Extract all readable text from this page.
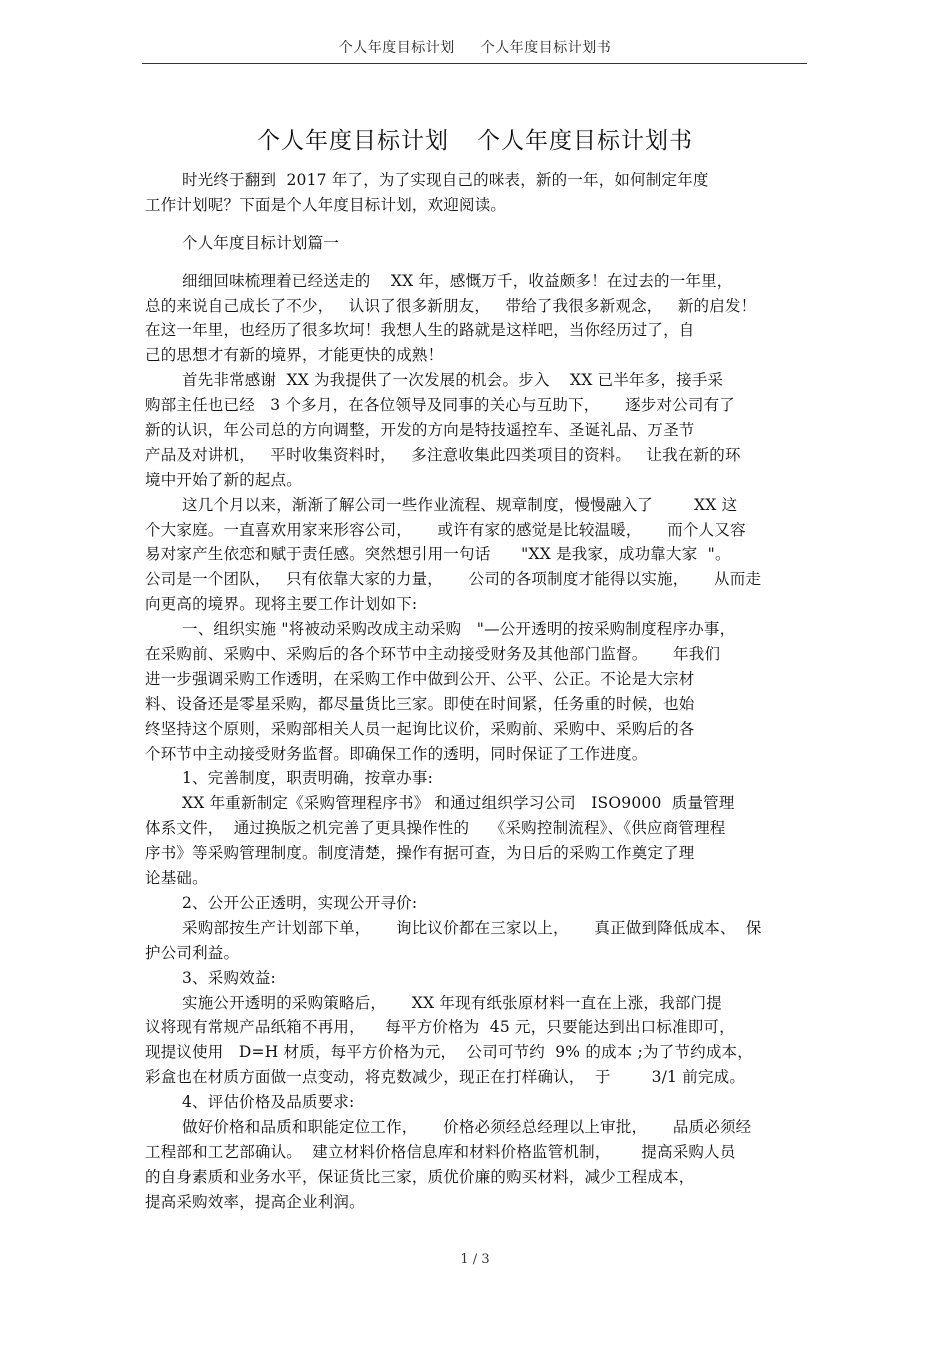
个人年度目标计划 个人年度目标计划书
个人年度目标计划 个人年度目标计划书
时光终于翻到  2017 年了，为了实现自己的咪表，新的一年，如何制定年度
工作计划呢？下面是个人年度目标计划，欢迎阅读。
个人年度目标计划篇一
细细回味梳理着已经送走的    XX 年，感慨万千，收益颇多！在过去的一年里，
总的来说自己成长了不少，   认识了很多新朋友，   带给了我很多新观念，   新的启发！
在这一年里，也经历了很多坎坷！我想人生的路就是这样吧，当你经历过了，自
己的思想才有新的境界，才能更快的成熟！
首先非常感谢  XX 为我提供了一次发展的机会。步入    XX 已半年多，接手采
购部主任也已经   3 个多月，在各位领导及同事的关心与互助下，     逐步对公司有了
新的认识，年公司总的方向调整，开发的方向是特技遥控车、圣诞礼品、万圣节
产品及对讲机，   平时收集资料时，   多注意收集此四类项目的资料。   让我在新的环
境中开始了新的起点。
这几个月以来，渐渐了解公司一些作业流程、规章制度，慢慢融入了        XX 这
个大家庭。一直喜欢用家来形容公司，     或许有家的感觉是比较温暖，     而个人又容
易对家产生依恋和赋于责任感。突然想引用一句话      "XX 是我家，成功靠大家  "。
公司是一个团队，   只有依靠大家的力量，     公司的各项制度才能得以实施，     从而走
向更高的境界。现将主要工作计划如下:
一、组织实施 "将被动采购改成主动采购   "—公开透明的按采购制度程序办事，
在采购前、采购中、采购后的各个环节中主动接受财务及其他部门监督。     年我们
进一步强调采购工作透明，在采购工作中做到公开、公平、公正。不论是大宗材
料、设备还是零星采购，都尽量货比三家。即使在时间紧，任务重的时候，也始
终坚持这个原则，采购部相关人员一起询比议价，采购前、采购中、采购后的各
个环节中主动接受财务监督。即确保工作的透明，同时保证了工作进度。
1、完善制度，职责明确，按章办事:
XX 年重新制定《采购管理程序书》 和通过组织学习公司   ISO9000  质量管理
体系文件，  通过换版之机完善了更具操作性的    《采购控制流程》、《供应商管理程
序书》等采购管理制度。制度清楚，操作有据可查，为日后的采购工作奠定了理
论基础。
2、公开公正透明，实现公开寻价:
采购部按生产计划部下单，     询比议价都在三家以上，     真正做到降低成本、  保
护公司利益。
3、采购效益:
实施公开透明的采购策略后，     XX 年现有纸张原材料一直在上涨，我部门提
议将现有常规产品纸箱不再用，    每平方价格为  45 元，只要能达到出口标准即可，
现提议使用   D=H 材质，每平方价格为元，  公司可节约  9% 的成本 ;为了节约成本，
彩盒也在材质方面做一点变动，将克数减少，现正在打样确认，  于        3/1 前完成。
4、评估价格及品质要求:
做好价格和品质和职能定位工作，     价格必须经总经理以上审批，     品质必须经
工程部和工艺部确认。  建立材料价格信息库和材料价格监管机制，      提高采购人员
的自身素质和业务水平，保证货比三家，质优价廉的购买材料，减少工程成本，
提高采购效率，提高企业利润。
1 / 3
